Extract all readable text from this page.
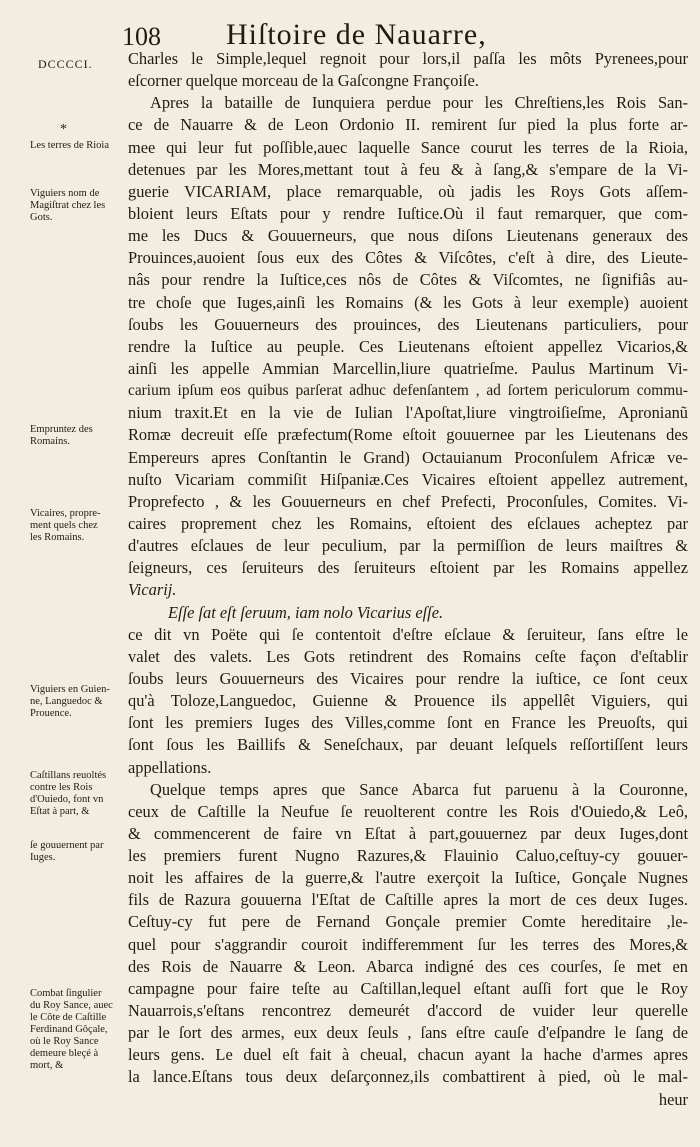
108 Hiſtoire de Nauarre,
DCCCCI.
*
Les terres de Rioia
Viguiers nom de
Magiſtrat chez les
Gots.
Empruntez des
Romains.
Vicaires, propre-
ment quels chez
les Romains.
Viguiers en Guien-
ne, Languedoc &
Prouence.
Caſtillans reuoltés
contre les Rois
d'Ouiedo, font vn
Eſtat à part, &
ſe gouuernent par
Iuges.
Combat ſingulier
du Roy Sance, auec
le Côte de Caſtille
Ferdinand Gôçale,
où le Roy Sance
demeure bleçé à
mort, &
Charles le Simple,lequel regnoit pour lors,il paſſa les môts Pyrenees,pour
eſcorner quelque morceau de la Gaſcongne Françoiſe.
Apres la bataille de Iunquiera perdue pour les Chreſtiens,les Rois San-
ce de Nauarre & de Leon Ordonio II. remirent ſur pied la plus forte ar-
mee qui leur fut poſſible,auec laquelle Sance courut les terres de la Rioia,
detenues par les Mores,mettant tout à feu & à ſang,& s'empare de la Vi-
guerie VICARIAM, place remarquable, où jadis les Roys Gots aſſem-
bloient leurs Eſtats pour y rendre Iuſtice.Où il faut remarquer, que com-
me les Ducs & Gouuerneurs, que nous diſons Lieutenans generaux des
Prouinces,auoient ſous eux des Côtes & Viſcôtes, c'eſt à dire, des Lieute-
nâs pour rendre la Iuſtice,ces nôs de Côtes & Viſcomtes, ne ſignifiâs au-
tre choſe que Iuges,ainſi les Romains (& les Gots à leur exemple) auoient
ſoubs les Gouuerneurs des prouinces, des Lieutenans particuliers, pour
rendre la Iuſtice au peuple. Ces Lieutenans eſtoient appellez Vicarios,&
ainſi les appelle Ammian Marcellin,liure quatrieſme. Paulus Martinum Vi-
carium ipſum eos quibus parſerat adhuc defenſantem , ad ſortem periculorum commu-
nium traxit.Et en la vie de Iulian l'Apoſtat,liure vingtroiſieſme, Apronianũ
Romæ decreuit eſſe præfectum(Rome eſtoit gouuernee par les Lieutenans des
Empereurs apres Conſtantin le Grand) Octauianum Proconſulem Africæ ve-
nuſto Vicariam commiſit Hiſpaniæ.Ces Vicaires eſtoient appellez autrement,
Proprefecto , & les Gouuerneurs en chef Prefecti, Proconſules, Comites. Vi-
caires proprement chez les Romains, eſtoient des eſclaues acheptez par
d'autres eſclaues de leur peculium, par la permiſſion de leurs maiſtres &
ſeigneurs, ces ſeruiteurs des ſeruiteurs eſtoient par les Romains appellez
Vicarij.
Eſſe ſat eſt ſeruum, iam nolo Vicarius eſſe.
ce dit vn Poëte qui ſe contentoit d'eſtre eſclaue & ſeruiteur, ſans eſtre le
valet des valets. Les Gots retindrent des Romains ceſte façon d'eſtablir
ſoubs leurs Gouuerneurs des Vicaires pour rendre la iuſtice, ce ſont ceux
qu'à Toloze,Languedoc, Guienne & Prouence ils appellêt Viguiers, qui
ſont les premiers Iuges des Villes,comme ſont en France les Preuoſts, qui
ſont ſous les Baillifs & Seneſchaux, par deuant leſquels reſſortiſſent leurs
appellations.
Quelque temps apres que Sance Abarca fut paruenu à la Couronne,
ceux de Caſtille la Neufue ſe reuolterent contre les Rois d'Ouiedo,& Leô,
& commencerent de faire vn Eſtat à part,gouuernez par deux Iuges,dont
les premiers furent Nugno Razures,& Flauinio Caluo,ceſtuy-cy gouuer-
noit les affaires de la guerre,& l'autre exerçoit la Iuſtice, Gonçale Nugnes
fils de Razura gouuerna l'Eſtat de Caſtille apres la mort de ces deux Iuges.
Ceſtuy-cy fut pere de Fernand Gonçale premier Comte hereditaire ,le-
quel pour s'aggrandir couroit indifferemment ſur les terres des Mores,&
des Rois de Nauarre & Leon. Abarca indigné des ces courſes, ſe met en
campagne pour faire teſte au Caſtillan,lequel eſtant auſſi fort que le Roy
Nauarrois,s'eſtans rencontrez demeurét d'accord de vuider leur querelle
par le ſort des armes, eux deux ſeuls , ſans eſtre cauſe d'eſpandre le ſang de
leurs gens. Le duel eſt fait à cheual, chacun ayant la hache d'armes apres
la lance.Eſtans tous deux deſarçonnez,ils combattirent à pied, où le mal-
heur
